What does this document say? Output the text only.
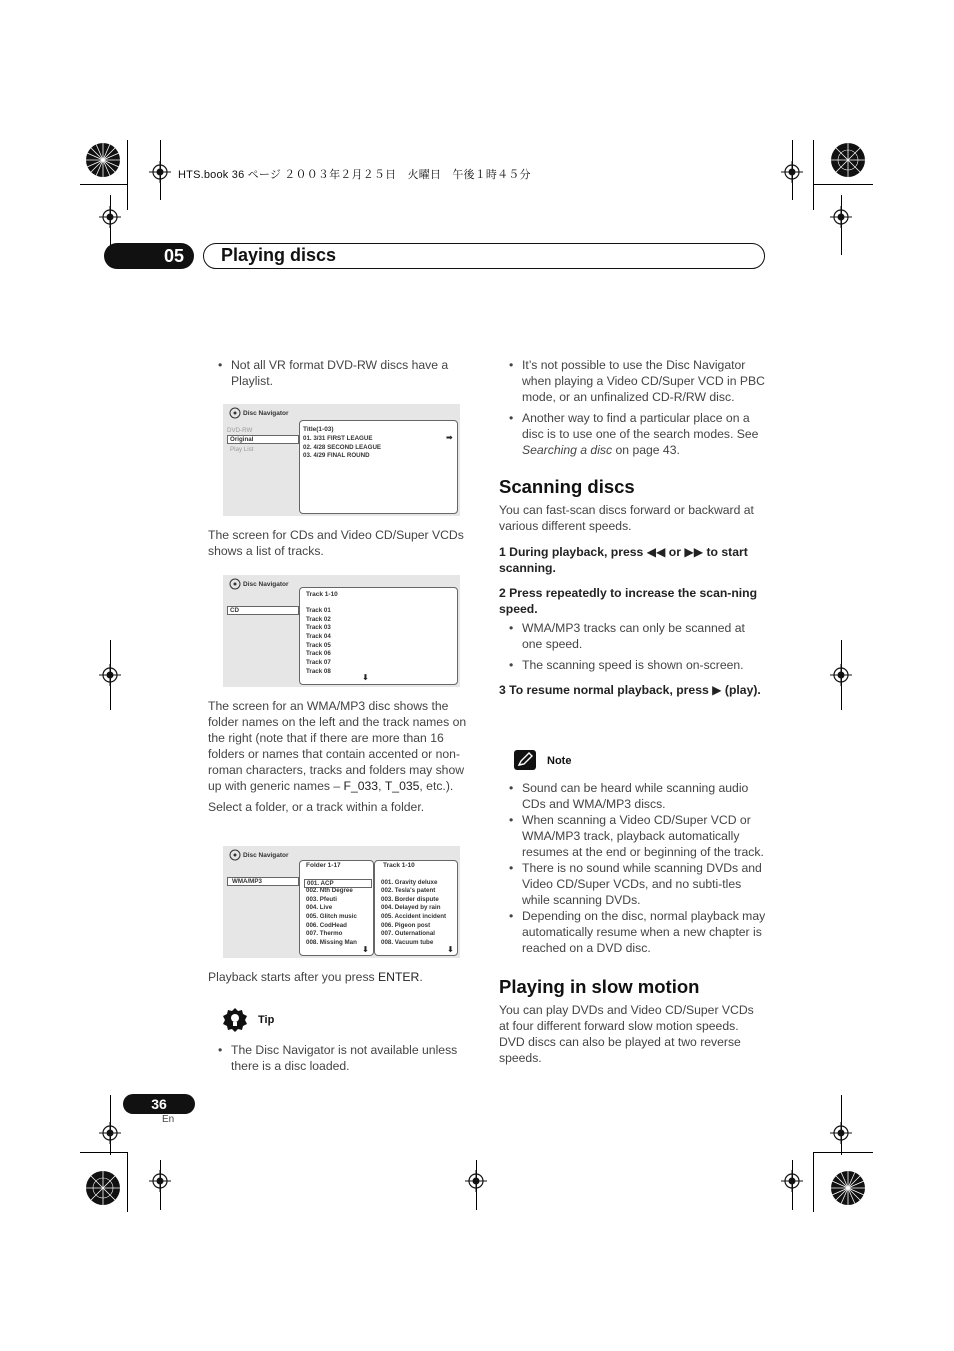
HTS.book 36 ページ ２００３年２月２５日　火曜日　午後１時４５分
05	Playing discs
• Not all VR format DVD-RW discs have a Playlist.
Disc Navigator
DVD-RW
Original
Play List
Title(1-03)
01. 3/31 FIRST LEAGUE	➡
02. 4/28 SECOND LEAGUE
03. 4/29 FINAL ROUND

The screen for CDs and Video CD/Super VCDs shows a list of tracks.

Disc Navigator
CD
Track 1-10
Track 01
Track 02
Track 03
Track 04
Track 05
Track 06
Track 07
Track 08
⬇

The screen for an WMA/MP3 disc shows the folder names on the left and the track names on the right (note that if there are more than 16 folders or names that contain accented or non-roman characters, tracks and folders may show up with generic names – F_033, T_035, etc.).

Select a folder, or a track within a folder.

Disc Navigator
WMA/MP3
Folder 1-17
001. ACP
002. Nth Degree
003. Pfeuti
004. Live
005. Glitch music
006. CodHead
007. Thermo
008. Missing Man
⬇
Track 1-10
001. Gravity deluxe
002. Tesla's patent
003. Border dispute
004. Delayed by rain
005. Accident incident
006. Pigeon post
007. Outernational
008. Vacuum tube
⬇

Playback starts after you press ENTER.

Tip
• The Disc Navigator is not available unless there is a disc loaded.
• It’s not possible to use the Disc Navigator when playing a Video CD/Super VCD in PBC mode, or an unfinalized CD-R/RW disc.
• Another way to find a particular place on a disc is to use one of the search modes. See Searching a disc on page 43.
Scanning discs

You can fast-scan discs forward or backward at various different speeds.

1 During playback, press ◀◀ or ▶▶ to start scanning.
2 Press repeatedly to increase the scan-ning speed.
• WMA/MP3 tracks can only be scanned at one speed.
• The scanning speed is shown on-screen.
3 To resume normal playback, press ▶ (play).
Note
• Sound can be heard while scanning audio CDs and WMA/MP3 discs.
• When scanning a Video CD/Super VCD or WMA/MP3 track, playback automatically resumes at the end or beginning of the track.
• There is no sound while scanning DVDs and Video CD/Super VCDs, and no subti-tles while scanning DVDs.
• Depending on the disc, normal playback may automatically resume when a new chapter is reached on a DVD disc.
Playing in slow motion

You can play DVDs and Video CD/Super VCDs at four different forward slow motion speeds. DVD discs can also be played at two reverse speeds.

36
En
